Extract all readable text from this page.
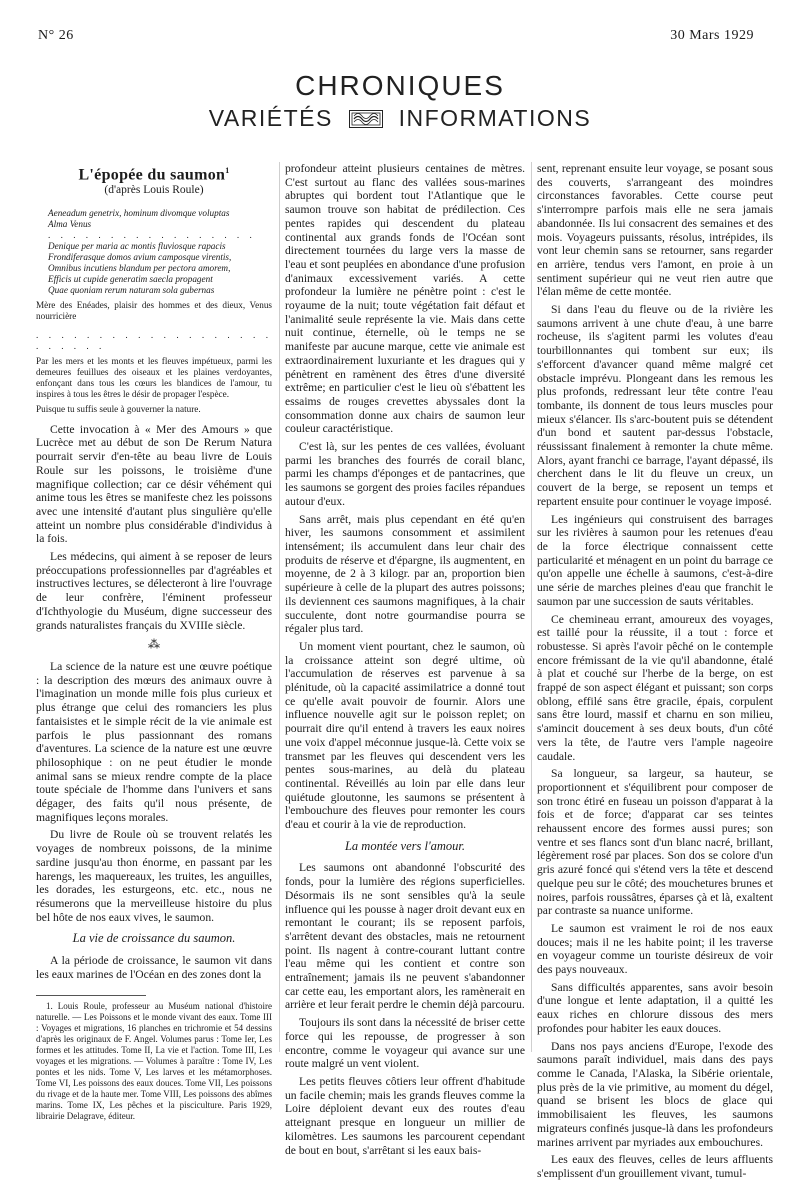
N° 26	30 Mars 1929
CHRONIQUES
VARIÉTÉS	INFORMATIONS
L'épopée du saumon$^1$
(d'après Louis Roule)
Aeneadum genetrix, hominum divomque voluptas
Alma Venus
. . . . . . . . . . . . . . . . .
Denique per maria ac montis fluviosque rapacis
Frondiferasque domos avium camposque virentis,
Omnibus incutiens blandum per pectora amorem,
Efficis ut cupide generatim saecla propagent
Quae quoniam rerum naturam sola gubernas

Mère des Enéades, plaisir des hommes et des dieux, Venus nourricière

. . . . . . . . . . . . . . . . . . . . . . . . .

Par les mers et les monts et les fleuves impétueux, parmi les demeures feuillues des oiseaux et les plaines verdoyantes, enfonçant dans tous les cœurs les blandices de l'amour, tu inspires à tous les êtres le désir de propager l'espèce.

Puisque tu suffis seule à gouverner la nature.

Cette invocation à « Mer des Amours » que Lucrèce met au début de son De Rerum Natura pourrait servir d'en-tête au beau livre de Louis Roule sur les poissons, le troisième d'une magnifique collection; car ce désir véhément qui anime tous les êtres se manifeste chez les poissons avec une intensité d'autant plus singulière qu'elle atteint un nombre plus considérable d'individus à la fois.

Les médecins, qui aiment à se reposer de leurs préoccupations professionnelles par d'agréables et instructives lectures, se délecteront à lire l'ouvrage de leur confrère, l'éminent professeur d'Ichthyologie du Muséum, digne successeur des grands naturalistes français du XVIIIe siècle.

⁂

La science de la nature est une œuvre poétique : la description des mœurs des animaux ouvre à l'imagination un monde mille fois plus curieux et plus étrange que celui des romanciers les plus fantaisistes et le simple récit de la vie animale est parfois le plus passionnant des romans d'aventures. La science de la nature est une œuvre philosophique : on ne peut étudier le monde animal sans se mieux rendre compte de la place toute spéciale de l'homme dans l'univers et sans dégager, des faits qu'il nous présente, de magnifiques leçons morales.

Du livre de Roule où se trouvent relatés les voyages de nombreux poissons, de la minime sardine jusqu'au thon énorme, en passant par les harengs, les maquereaux, les truites, les anguilles, les dorades, les esturgeons, etc. etc., nous ne résumerons que la merveilleuse histoire du plus bel hôte de nos eaux vives, le saumon.

La vie de croissance du saumon.

A la période de croissance, le saumon vit dans les eaux marines de l'Océan en des zones dont la

1. Louis Roule, professeur au Muséum national d'histoire naturelle. — Les Poissons et le monde vivant des eaux. Tome III : Voyages et migrations, 16 planches en trichromie et 54 dessins d'après les originaux de F. Angel. Volumes parus : Tome Ier, Les formes et les attitudes. Tome II, La vie et l'action. Tome III, Les voyages et les migrations. — Volumes à paraître : Tome IV, Les pontes et les nids. Tome V, Les larves et les métamorphoses. Tome VI, Les poissons des eaux douces. Tome VII, Les poissons du rivage et de la haute mer. Tome VIII, Les poissons des abîmes marins. Tome IX, Les pêches et la pisciculture. Paris 1929, librairie Delagrave, éditeur.

profondeur atteint plusieurs centaines de mètres. C'est surtout au flanc des vallées sous-marines abruptes qui bordent tout l'Atlantique que le saumon trouve son habitat de prédilection. Ces pentes rapides qui descendent du plateau continental aux grands fonds de l'Océan sont directement tournées du large vers la masse de l'eau et sont peuplées en abondance d'une profusion d'animaux excessivement variés. A cette profondeur la lumière ne pénètre point : c'est le royaume de la nuit; toute végétation fait défaut et l'animalité seule représente la vie. Mais dans cette nuit continue, éternelle, où le temps ne se manifeste par aucune marque, cette vie animale est extraordinairement luxuriante et les dragues qui y pénètrent en ramènent des êtres d'une diversité extrême; en particulier c'est le lieu où s'ébattent les essaims de rouges crevettes abyssales dont la consommation donne aux chairs de saumon leur couleur caractéristique.

C'est là, sur les pentes de ces vallées, évoluant parmi les branches des fourrés de corail blanc, parmi les champs d'éponges et de pantacrines, que les saumons se gorgent des proies faciles répandues autour d'eux.

Sans arrêt, mais plus cependant en été qu'en hiver, les saumons consomment et assimilent intensément; ils accumulent dans leur chair des produits de réserve et d'épargne, ils augmentent, en moyenne, de 2 à 3 kilogr. par an, proportion bien supérieure à celle de la plupart des autres poissons; ils deviennent ces saumons magnifiques, à la chair succulente, dont notre gourmandise pourra se régaler plus tard.

Un moment vient pourtant, chez le saumon, où la croissance atteint son degré ultime, où l'accumulation de réserves est parvenue à sa plénitude, où la capacité assimilatrice a donné tout ce qu'elle avait pouvoir de fournir. Alors une influence nouvelle agit sur le poisson replet; on pourrait dire qu'il entend à travers les eaux noires une voix d'appel méconnue jusque-là. Cette voix se transmet par les fleuves qui descendent vers les pentes sous-marines, au delà du plateau continental. Réveillés au loin par elle dans leur quiétude gloutonne, les saumons se présentent à l'embouchure des fleuves pour remonter les cours d'eau et courir à la vie de reproduction.

La montée vers l'amour.

Les saumons ont abandonné l'obscurité des fonds, pour la lumière des régions superficielles. Désormais ils ne sont sensibles qu'à la seule influence qui les pousse à nager droit devant eux en remontant le courant; ils se reposent parfois, s'arrêtent devant des obstacles, mais ne retournent point. Ils nagent à contre-courant luttant contre l'eau même qui les contient et contre son entraînement; jamais ils ne peuvent s'abandonner car cette eau, les emportant alors, les ramènerait en arrière et leur ferait perdre le chemin déjà parcouru.

Toujours ils sont dans la nécessité de briser cette force qui les repousse, de progresser à son encontre, comme le voyageur qui avance sur une route malgré un vent violent.

Les petits fleuves côtiers leur offrent d'habitude un facile chemin; mais les grands fleuves comme la Loire déploient devant eux des routes d'eau atteignant presque en longueur un millier de kilomètres. Les saumons les parcourent cependant de bout en bout, s'arrêtant si les eaux bais-

sent, reprenant ensuite leur voyage, se posant sous des couverts, s'arrangeant des moindres circonstances favorables. Cette course peut s'interrompre parfois mais elle ne sera jamais abandonnée. Ils lui consacrent des semaines et des mois. Voyageurs puissants, résolus, intrépides, ils vont leur chemin sans se retourner, sans regarder en arrière, tendus vers l'amont, en proie à un sentiment supérieur qui ne veut rien autre que l'élan même de cette montée.

Si dans l'eau du fleuve ou de la rivière les saumons arrivent à une chute d'eau, à une barre rocheuse, ils s'agitent parmi les volutes d'eau tourbillonnantes qui tombent sur eux; ils s'efforcent d'avancer quand même malgré cet obstacle imprévu. Plongeant dans les remous les plus profonds, redressant leur tête contre l'eau tombante, ils donnent de tous leurs muscles pour mieux s'élancer. Ils s'arc-boutent puis se détendent d'un bond et sautent par-dessus l'obstacle, réussissant finalement à remonter la chute même. Alors, ayant franchi ce barrage, l'ayant dépassé, ils cherchent dans le lit du fleuve un creux, un couvert de la berge, se reposent un temps et repartent ensuite pour continuer le voyage imposé.

Les ingénieurs qui construisent des barrages sur les rivières à saumon pour les retenues d'eau de la force électrique connaissent cette particularité et ménagent en un point du barrage ce qu'on appelle une échelle à saumons, c'est-à-dire une série de marches pleines d'eau que franchit le saumon par une succession de sauts véritables.

Ce chemineau errant, amoureux des voyages, est taillé pour la réussite, il a tout : force et robustesse. Si après l'avoir pêché on le contemple encore frémissant de la vie qu'il abandonne, étalé à plat et couché sur l'herbe de la berge, on est frappé de son aspect élégant et puissant; son corps oblong, effilé sans être gracile, épais, corpulent sans être lourd, massif et charnu en son milieu, s'amincit doucement à ses deux bouts, d'un côté vers la tête, de l'autre vers l'ample nageoire caudale.

Sa longueur, sa largeur, sa hauteur, se proportionnent et s'équilibrent pour composer de son tronc étiré en fuseau un poisson d'apparat à la fois et de force; d'apparat car ses teintes rehaussent encore des formes aussi pures; son ventre et ses flancs sont d'un blanc nacré, brillant, légèrement rosé par places. Son dos se colore d'un gris azuré foncé qui s'étend vers la tête et descend quelque peu sur le côté; des mouchetures brunes et noires, parfois roussâtres, éparses çà et là, exaltent par contraste sa nuance uniforme.

Le saumon est vraiment le roi de nos eaux douces; mais il ne les habite point; il les traverse en voyageur comme un touriste désireux de voir des pays nouveaux.

Sans difficultés apparentes, sans avoir besoin d'une longue et lente adaptation, il a quitté les eaux riches en chlorure dissous des mers profondes pour habiter les eaux douces.

Dans nos pays anciens d'Europe, l'exode des saumons paraît individuel, mais dans des pays comme le Canada, l'Alaska, la Sibérie orientale, plus près de la vie primitive, au moment du dégel, quand se brisent les blocs de glace qui immobilisaient les fleuves, les saumons migrateurs confinés jusque-là dans les profondeurs marines arrivent par myriades aux embouchures.

Les eaux des fleuves, celles de leurs affluents s'emplissent d'un grouillement vivant, tumul-
